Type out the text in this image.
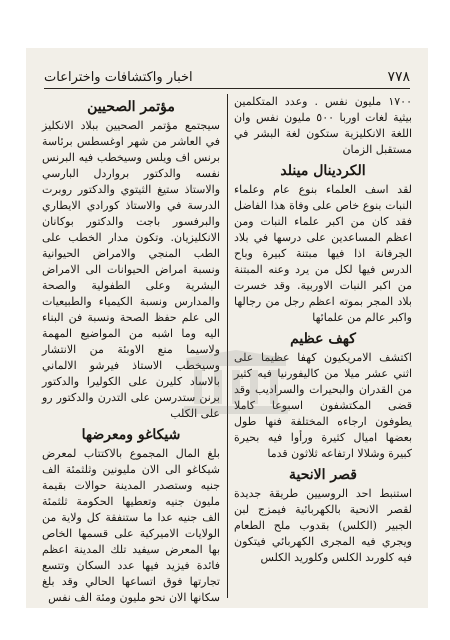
٧٧٨
اخبار واكتشافات واختراعات

١٧٠٠ مليون نفس . وعدد المتكلمين بيثية لغات اوربا ٥٠٠ مليون نفس وان اللغة الانكليزية ستكون لغة البشر في مستقبل الزمان

الكردينال مينلد

لقد اسف العلماء بنوع عام وعلماء النبات بنوع خاص على وفاة هذا الفاضل فقد كان من اكبر علماء النبات ومن اعظم المساعدين على درسها في بلاد الجرفانة اذا فيها مبتنة كبيرة وباح الدرس فيها لكل من يرد وعنه المبتنة من اكبر النبات الاوربية. وقد خسرت بلاد المجر بموته اعظم رجل من رجالها واكبر عالم من علمائها

كهف عظيم

اكتشف الامريكيون كهفا عظيما على اثني عشر ميلا من كاليفورنيا فيه كثير من القدران والبحيرات والسراديب وقد قضى المكتشفون اسبوعا كاملا يطوفون ارجاءه المختلفة فنها طول بعضها اميال كثيرة ورأوا فيه بحيرة كبيرة وشلالا ارتفاعه ثلاثون قدما

قصر الانحية

استنبط احد الروسيين طريقة جديدة لقصر الانحية بالكهربائية فيمزج لبن الجبير (الكلس) بقدوب ملح الطعام ويجري فيه المجرى الكهربائي فيتكون فيه كلورىد الكلس وكلوريد الكلس

مؤتمر الصحيين

سيجتمع مؤتمر الصحيين ببلاد الانكليز في العاشر من شهر اوغسطس برئاسة برنس اف ويلس وسيخطب فيه البرنس نفسه والدكتور برواردل البارسي والاستاذ ستيغ الثيتوي والدكتور روبرت الدرسة في والاستاذ كورادي الايطاري والبرفسور باجت والدكتور بوكانان الانكليزيان. وتكون مدار الخطب على الطب المنجي والامراض الحيوانية ونسبة امراض الحيوانات الى الامراض البشرية وعلى الطفولية والصحة والمدارس ونسبة الكيمياء والطبيعيات الى علم حفظ الصحة ونسبة فن البناء اليه وما اشبه من المواضيع المهمة ولاسيما منع الاوبئة من الانتشار وسيخطب الاستاذ فيرشو الالماني بالاساد كليرن على الكوليرا والدكتور برنن ستدرسن على التدرن والدكتور رو على الكلب

شيكاغو ومعرضها

بلغ المال المجموع بالاكتتاب لمعرض شيكاغو الى الان مليونين وثلثمئة الف جنيه وستصدر المدينة حوالات بقيمة مليون جنيه وتعطيها الحكومة ثلثمئة الف جنيه عدا ما ستنفقة كل ولاية من الولايات الاميركية على قسمها الخاص بها المعرض سيفيد تلك المدينة اعظم فائدة فيزيد فيها عدد السكان وتتسع تجارتها فوق اتساعها الحالي وقد بلغ سكانها الان نحو مليون ومئة الف نفس
